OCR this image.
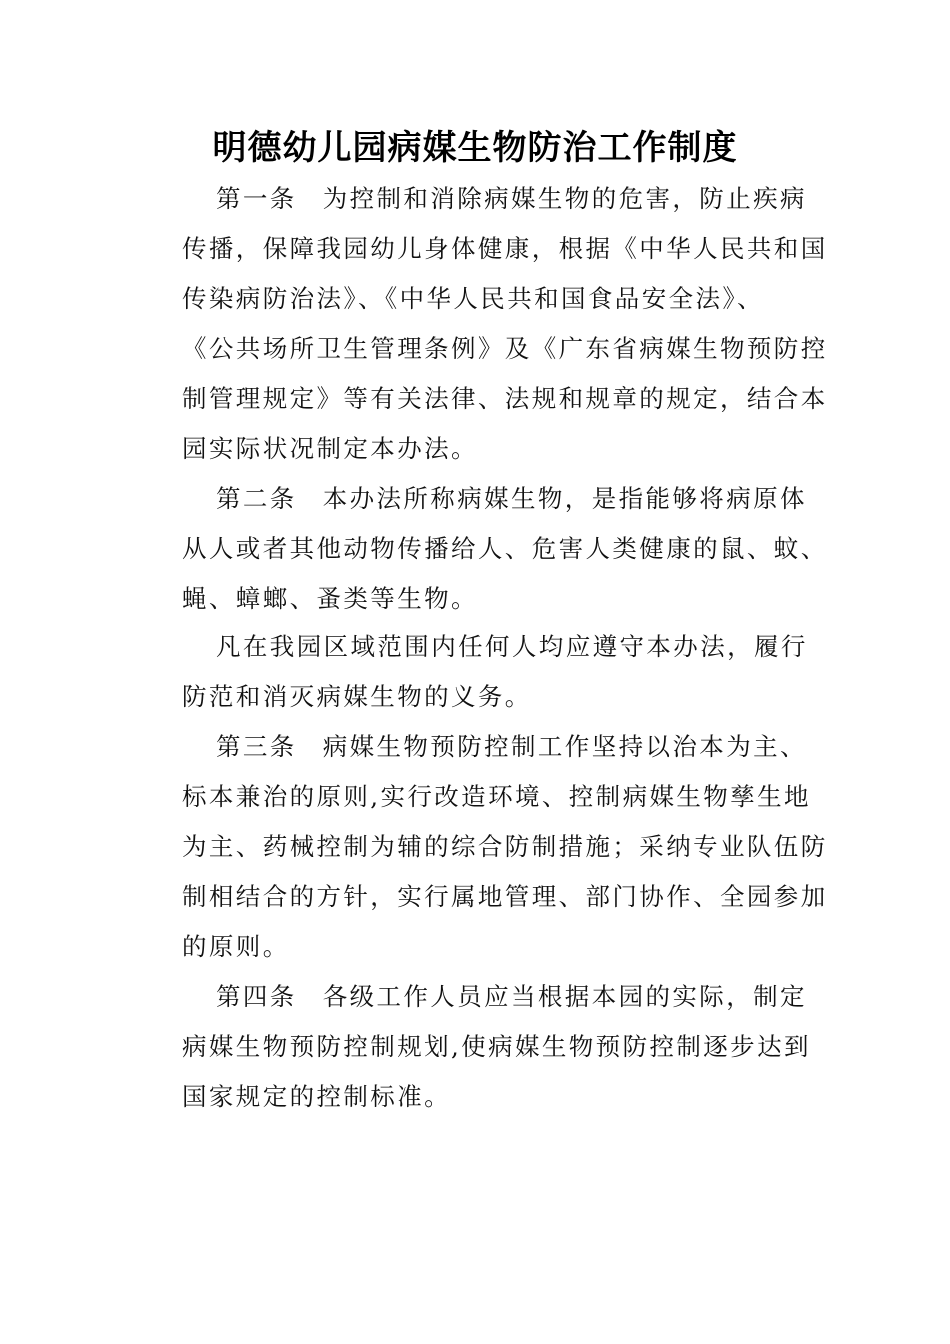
明德幼儿园病媒生物防治工作制度
第一条 为控制和消除病媒生物的危害，防止疾病
传播，保障我园幼儿身体健康，根据《中华人民共和国
传染病防治法》、《中华人民共和国食品安全法》、
《公共场所卫生管理条例》及《广东省病媒生物预防控
制管理规定》等有关法律、法规和规章的规定，结合本
园实际状况制定本办法。
第二条 本办法所称病媒生物，是指能够将病原体
从人或者其他动物传播给人、危害人类健康的鼠、蚊、
蝇、蟑螂、蚤类等生物。
凡在我园区域范围内任何人均应遵守本办法，履行
防范和消灭病媒生物的义务。
第三条 病媒生物预防控制工作坚持以治本为主、
标本兼治的原则,实行改造环境、控制病媒生物孳生地
为主、药械控制为辅的综合防制措施；采纳专业队伍防
制相结合的方针，实行属地管理、部门协作、全园参加
的原则。
第四条 各级工作人员应当根据本园的实际，制定
病媒生物预防控制规划,使病媒生物预防控制逐步达到
国家规定的控制标准。
